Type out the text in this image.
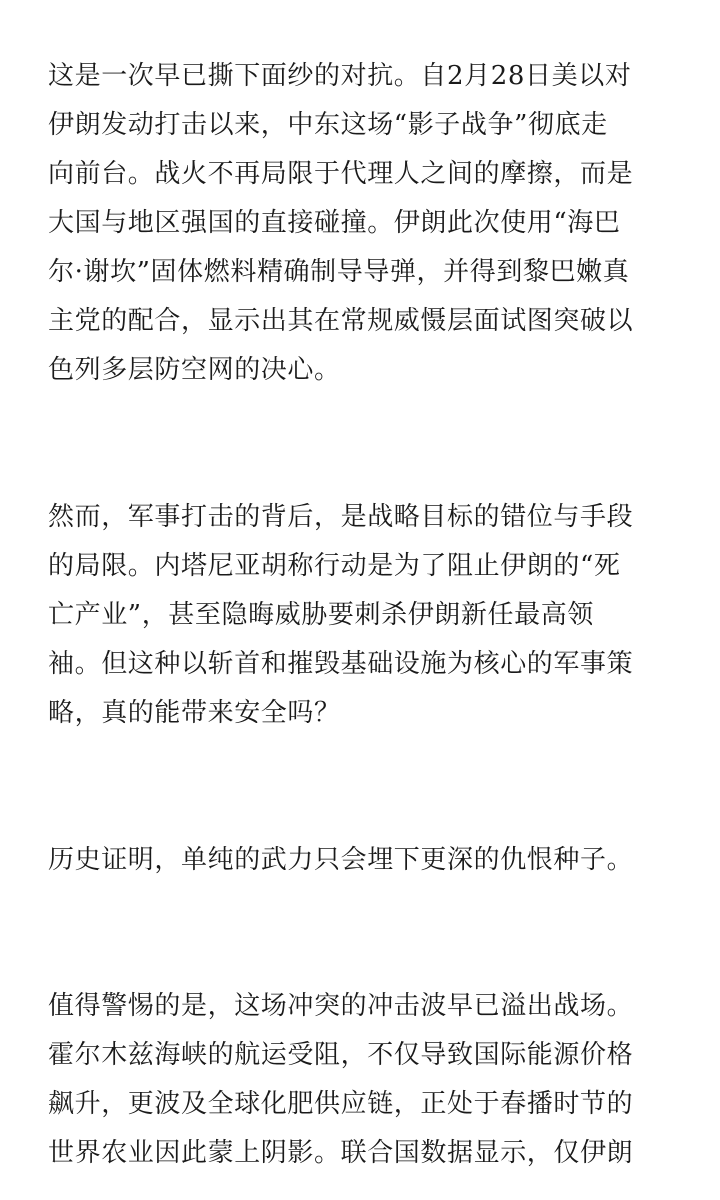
这是一次早已撕下面纱的对抗。自2月28日美以对
伊朗发动打击以来，中东这场“影子战争”彻底走
向前台。战火不再局限于代理人之间的摩擦，而是
大国与地区强国的直接碰撞。伊朗此次使用“海巴
尔·谢坎”固体燃料精确制导导弹，并得到黎巴嫩真
主党的配合，显示出其在常规威慑层面试图突破以
色列多层防空网的决心。

然而，军事打击的背后，是战略目标的错位与手段
的局限。内塔尼亚胡称行动是为了阻止伊朗的“死
亡产业”，甚至隐晦威胁要刺杀伊朗新任最高领
袖。但这种以斩首和摧毁基础设施为核心的军事策
略，真的能带来安全吗？

历史证明，单纯的武力只会埋下更深的仇恨种子。

值得警惕的是，这场冲突的冲击波早已溢出战场。
霍尔木兹海峡的航运受阻，不仅导致国际能源价格
飙升，更波及全球化肥供应链，正处于春播时节的
世界农业因此蒙上阴影。联合国数据显示，仅伊朗
